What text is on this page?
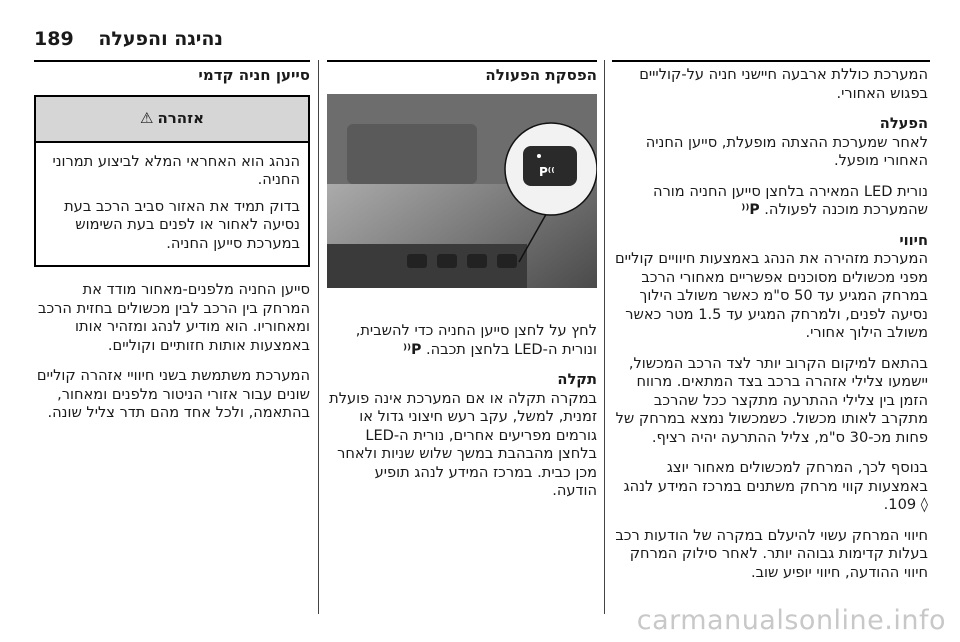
189 נהיגה והפעלה

המערכת כוללת ארבעה חיישני חניה על-קולייים בפגוש האחורי.

הפעלה

לאחר שמערכת ההצתה מופעלת, סייען החניה האחורי מופעל.

נורית LED המאירה בלחצן סייען החניה מורה שהמערכת מוכנה לפעולה. P⁽⁽

חיווי

המערכת מזהירה את הנהג באמצעות חיוויים קוליים מפני מכשולים מסוכנים אפשריים מאחורי הרכב במרחק המגיע עד 50 ס"מ כאשר משולב הילוך נסיעה לפנים, ולמרחק המגיע עד 1.5 מטר כאשר משולב הילוך אחורי.

בהתאם למיקום הקרוב יותר לצד הרכב המכשול, יישמעו צלילי אזהרה ברכב בצד המתאים. מרווח הזמן בין צלילי ההתרעה מתקצר ככל שהרכב מתקרב לאותו מכשול. כשמכשול נמצא במרחק של פחות מכ-30 ס"מ, צליל ההתרעה יהיה רציף.

בנוסף לכך, המרחק למכשולים מאחור יוצג באמצעות קווי מרחק משתנים במרכז המידע לנהג ◊ 109.

חיווי המרחק עשוי להיעלם במקרה של הודעות רכב בעלות קדימות גבוהה יותר. לאחר סילוק המרחק חיווי ההודעה, חיווי יופיע שוב.

הפסקת הפעולה
P⁽⁽

לחץ על לחצן סייען החניה כדי להשבית, ונורית ה-LED בלחצן תכבה. P⁽⁽

תקלה

במקרה תקלה או אם המערכת אינה פועלת זמנית, למשל, עקב רעש חיצוני גדול או גורמים מפריעים אחרים, נורית ה-LED בלחצן מהבהבת במשך שלוש שניות ולאחר מכן כבית. במרכז המידע לנהג תופיע הודעה.

סייען חניה קדמי
אזהרה
⚠

הנהג הוא האחראי המלא לביצוע תמרוני החניה.

בדוק תמיד את האזור סביב הרכב בעת נסיעה לאחור או לפנים בעת השימוש במערכת סייען החניה.

סייען החניה מלפנים-מאחור מודד את המרחק בין הרכב לבין מכשולים בחזית הרכב ומאחוריו. הוא מודיע לנהג ומזהיר אותו באמצעות אותות חזותיים וקוליים.

המערכת משתמשת בשני חיוויי אזהרה קוליים שונים עבור אזורי הניטור מלפנים ומאחור, בהתאמה, ולכל אחד מהם תדר צליל שונה.

carmanualsonline.info
